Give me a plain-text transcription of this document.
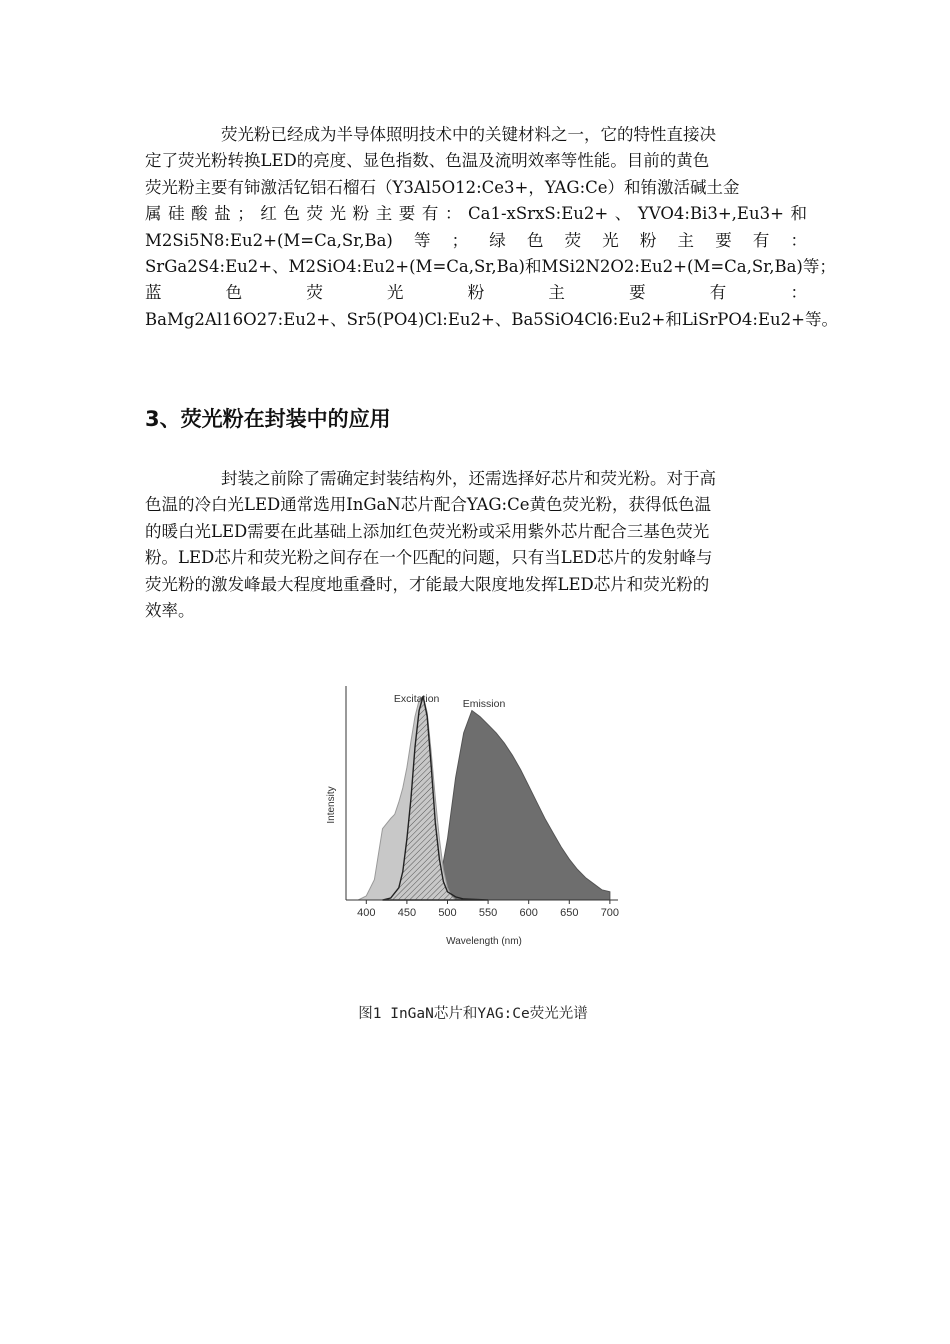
荧光粉已经成为半导体照明技术中的关键材料之一，它的特性直接决
定了荧光粉转换LED的亮度、显色指数、色温及流明效率等性能。目前的黄色
荧光粉主要有铈激活钇铝石榴石（Y3Al5O12:Ce3+，YAG:Ce）和铕激活碱土金
属硅酸盐；红色荧光粉主要有：Ca1-xSrxS:Eu2+、YVO4:Bi3+,Eu3+和
M2Si5N8:Eu2+(M=Ca,Sr,Ba)等；绿色荧光粉主要有：
SrGa2S4:Eu2+、M2SiO4:Eu2+(M=Ca,Sr,Ba)和MSi2N2O2:Eu2+(M=Ca,Sr,Ba)等；
蓝 色 荧 光 粉 主 要 有 ：
BaMg2Al16O27:Eu2+、Sr5(PO4)Cl:Eu2+、Ba5SiO4Cl6:Eu2+和LiSrPO4:Eu2+等。
3、荧光粉在封装中的应用
封装之前除了需确定封装结构外，还需选择好芯片和荧光粉。对于高
色温的冷白光LED通常选用InGaN芯片配合YAG:Ce黄色荧光粉，获得低色温
的暖白光LED需要在此基础上添加红色荧光粉或采用紫外芯片配合三基色荧光
粉。LED芯片和荧光粉之间存在一个匹配的问题，只有当LED芯片的发射峰与
荧光粉的激发峰最大程度地重叠时，才能最大限度地发挥LED芯片和荧光粉的
效率。
400 450 500 550 600 650 700
Intensity
Wavelength (nm)
Excitation Emission
图1 InGaN芯片和YAG:Ce荧光光谱
